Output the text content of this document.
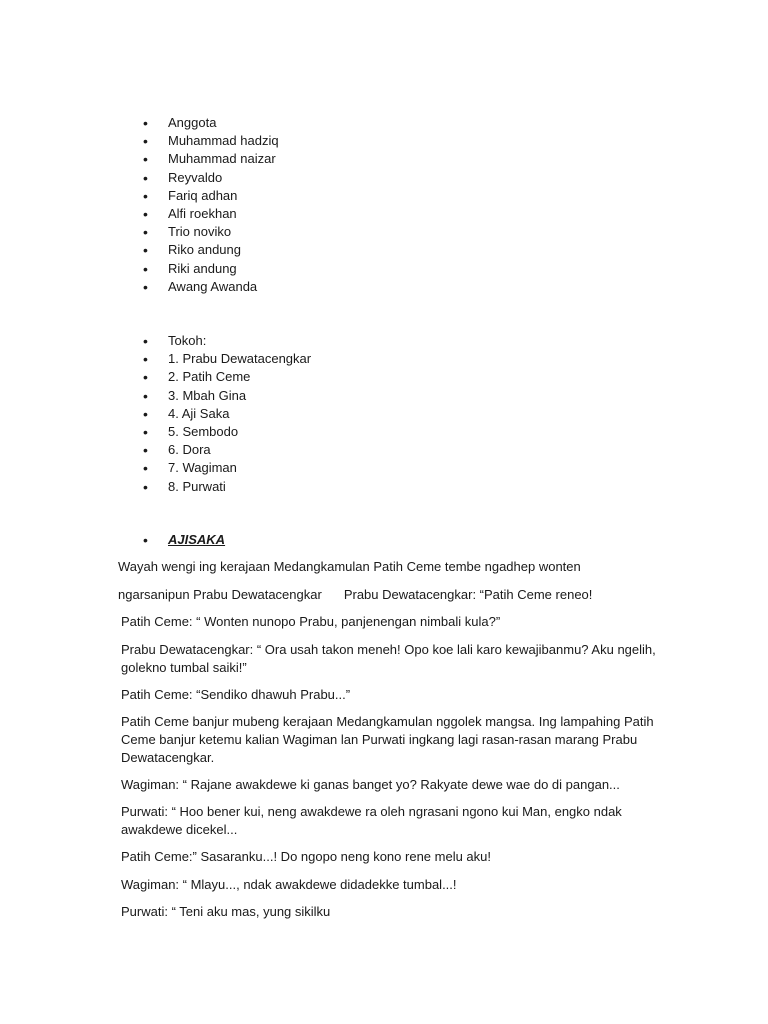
• Anggota
• Muhammad hadziq
• Muhammad naizar
• Reyvaldo
• Fariq adhan
• Alfi roekhan
• Trio noviko
• Riko andung
• Riki andung
• Awang Awanda
• Tokoh:
• 1. Prabu Dewatacengkar
• 2. Patih Ceme
• 3. Mbah Gina
• 4. Aji Saka
• 5. Sembodo
• 6. Dora
• 7. Wagiman
• 8. Purwati
• AJISAKA

Wayah wengi ing kerajaan Medangkamulan Patih Ceme tembe ngadhep wonten

ngarsanipun Prabu Dewatacengkar Prabu Dewatacengkar: “Patih Ceme reneo!

Patih Ceme: “ Wonten nunopo Prabu, panjenengan nimbali kula?”

Prabu Dewatacengkar: “ Ora usah takon meneh! Opo koe lali karo kewajibanmu? Aku ngelih, golekno tumbal saiki!”

Patih Ceme: “Sendiko dhawuh Prabu...”

Patih Ceme banjur mubeng kerajaan Medangkamulan nggolek mangsa. Ing lampahing Patih Ceme banjur ketemu kalian Wagiman lan Purwati ingkang lagi rasan-rasan marang Prabu Dewatacengkar.

Wagiman: “ Rajane awakdewe ki ganas banget yo? Rakyate dewe wae do di pangan...

Purwati: “ Hoo bener kui, neng awakdewe ra oleh ngrasani ngono kui Man, engko ndak awakdewe dicekel...

Patih Ceme:” Sasaranku...! Do ngopo neng kono rene melu aku!

Wagiman: “ Mlayu..., ndak awakdewe didadekke tumbal...!

Purwati: “ Teni aku mas, yung sikilku
